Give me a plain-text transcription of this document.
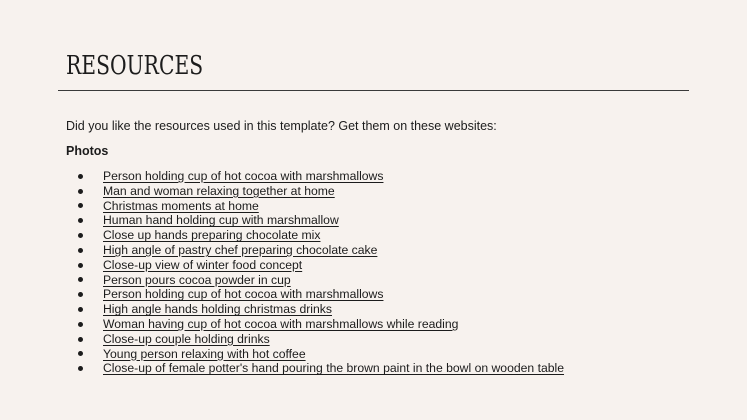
RESOURCES

Did you like the resources used in this template? Get them on these websites:

Photos

Person holding cup of hot cocoa with marshmallows
Man and woman relaxing together at home
Christmas moments at home
Human hand holding cup with marshmallow
Close up hands preparing chocolate mix
High angle of pastry chef preparing chocolate cake
Close-up view of winter food concept
Person pours cocoa powder in cup
Person holding cup of hot cocoa with marshmallows
High angle hands holding christmas drinks
Woman having cup of hot cocoa with marshmallows while reading
Close-up couple holding drinks
Young person relaxing with hot coffee
Close-up of female potter's hand pouring the brown paint in the bowl on wooden table
